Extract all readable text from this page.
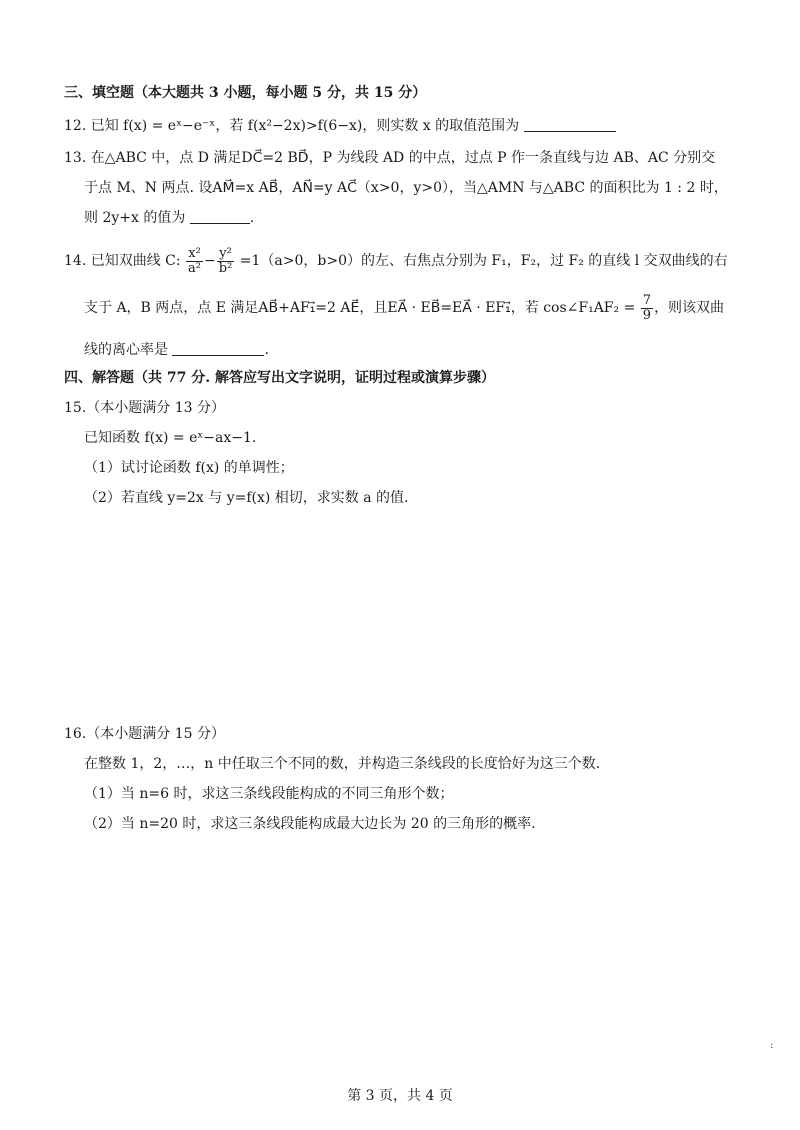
三、填空题（本大题共 3 小题，每小题 5 分，共 15 分）
12. 已知 f(x) = eˣ−e⁻ˣ，若 f(x²−2x)>f(6−x)，则实数 x 的取值范围为
13. 在△ABC 中，点 D 满足DC⃗=2 BD⃗，P 为线段 AD 的中点，过点 P 作一条直线与边 AB、AC 分别交
于点 M、N 两点. 设AM⃗=x AB⃗，AN⃗=y AC⃗（x>0，y>0），当△AMN 与△ABC 的面积比为 1 : 2 时，
则 2y+x 的值为	.
14. 已知双曲线 C: $\frac{\text{x²}}{\text{a²}} - \frac{\text{y²}}{\text{b²}} =1(a>0$，b>0）的左、右焦点分别为 F₁，F₂，过 F₂ 的直线 l 交双曲线的右
支于 A，B 两点，点 E 满足AB⃗+AF₁⃗=2 AE⃗，且EA⃗ · EB⃗=EA⃗ · EF₁⃗，若 cos∠F₁AF₂ = $\frac{7}{9}$ ，则该双曲
线的离心率是	.
四、解答题（共 77 分. 解答应写出文字说明，证明过程或演算步骤）
15.（本小题满分 13 分）
已知函数 f(x) = eˣ−ax−1.
（1）试讨论函数 f(x) 的单调性；
（2）若直线 y=2x 与 y=f(x) 相切，求实数 a 的值.
16.（本小题满分 15 分）
在整数 1，2，…，n 中任取三个不同的数，并构造三条线段的长度恰好为这三个数.
（1）当 n=6 时，求这三条线段能构成的不同三角形个数；
（2）当 n=20 时，求这三条线段能构成最大边长为 20 的三角形的概率.
:
第 3 页，共 4 页
